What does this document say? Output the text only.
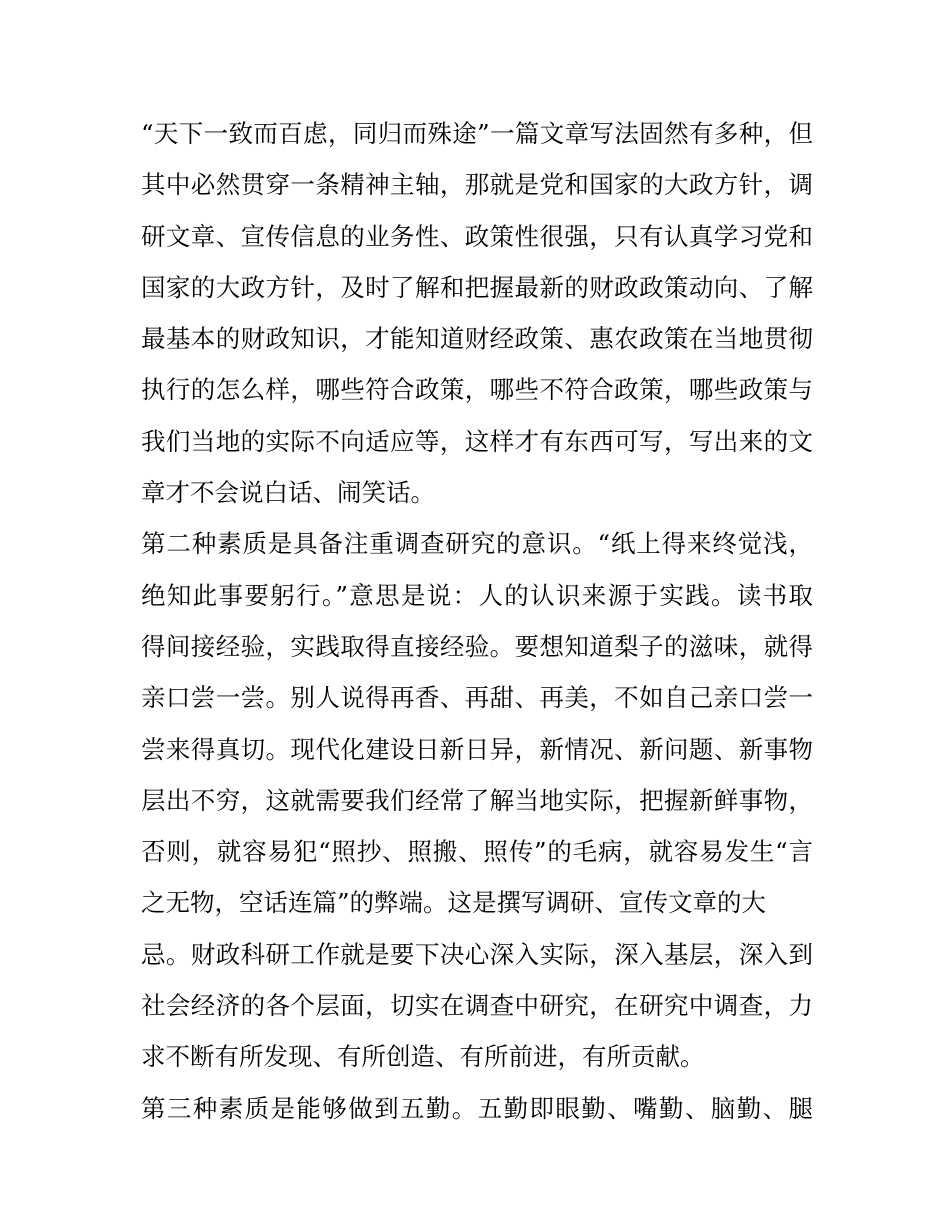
“天下一致而百虑，同归而殊途”一篇文章写法固然有多种，但
其中必然贯穿一条精神主轴，那就是党和国家的大政方针，调
研文章、宣传信息的业务性、政策性很强，只有认真学习党和
国家的大政方针，及时了解和把握最新的财政政策动向、了解
最基本的财政知识，才能知道财经政策、惠农政策在当地贯彻
执行的怎么样，哪些符合政策，哪些不符合政策，哪些政策与
我们当地的实际不向适应等，这样才有东西可写，写出来的文
章才不会说白话、闹笑话。
第二种素质是具备注重调查研究的意识。“纸上得来终觉浅，
绝知此事要躬行。”意思是说：人的认识来源于实践。读书取
得间接经验，实践取得直接经验。要想知道梨子的滋味，就得
亲口尝一尝。别人说得再香、再甜、再美，不如自己亲口尝一
尝来得真切。现代化建设日新日异，新情况、新问题、新事物
层出不穷，这就需要我们经常了解当地实际，把握新鲜事物，
否则，就容易犯“照抄、照搬、照传”的毛病，就容易发生“言
之无物，空话连篇”的弊端。这是撰写调研、宣传文章的大
忌。财政科研工作就是要下决心深入实际，深入基层，深入到
社会经济的各个层面，切实在调查中研究，在研究中调查，力
求不断有所发现、有所创造、有所前进，有所贡献。
第三种素质是能够做到五勤。五勤即眼勤、嘴勤、脑勤、腿
